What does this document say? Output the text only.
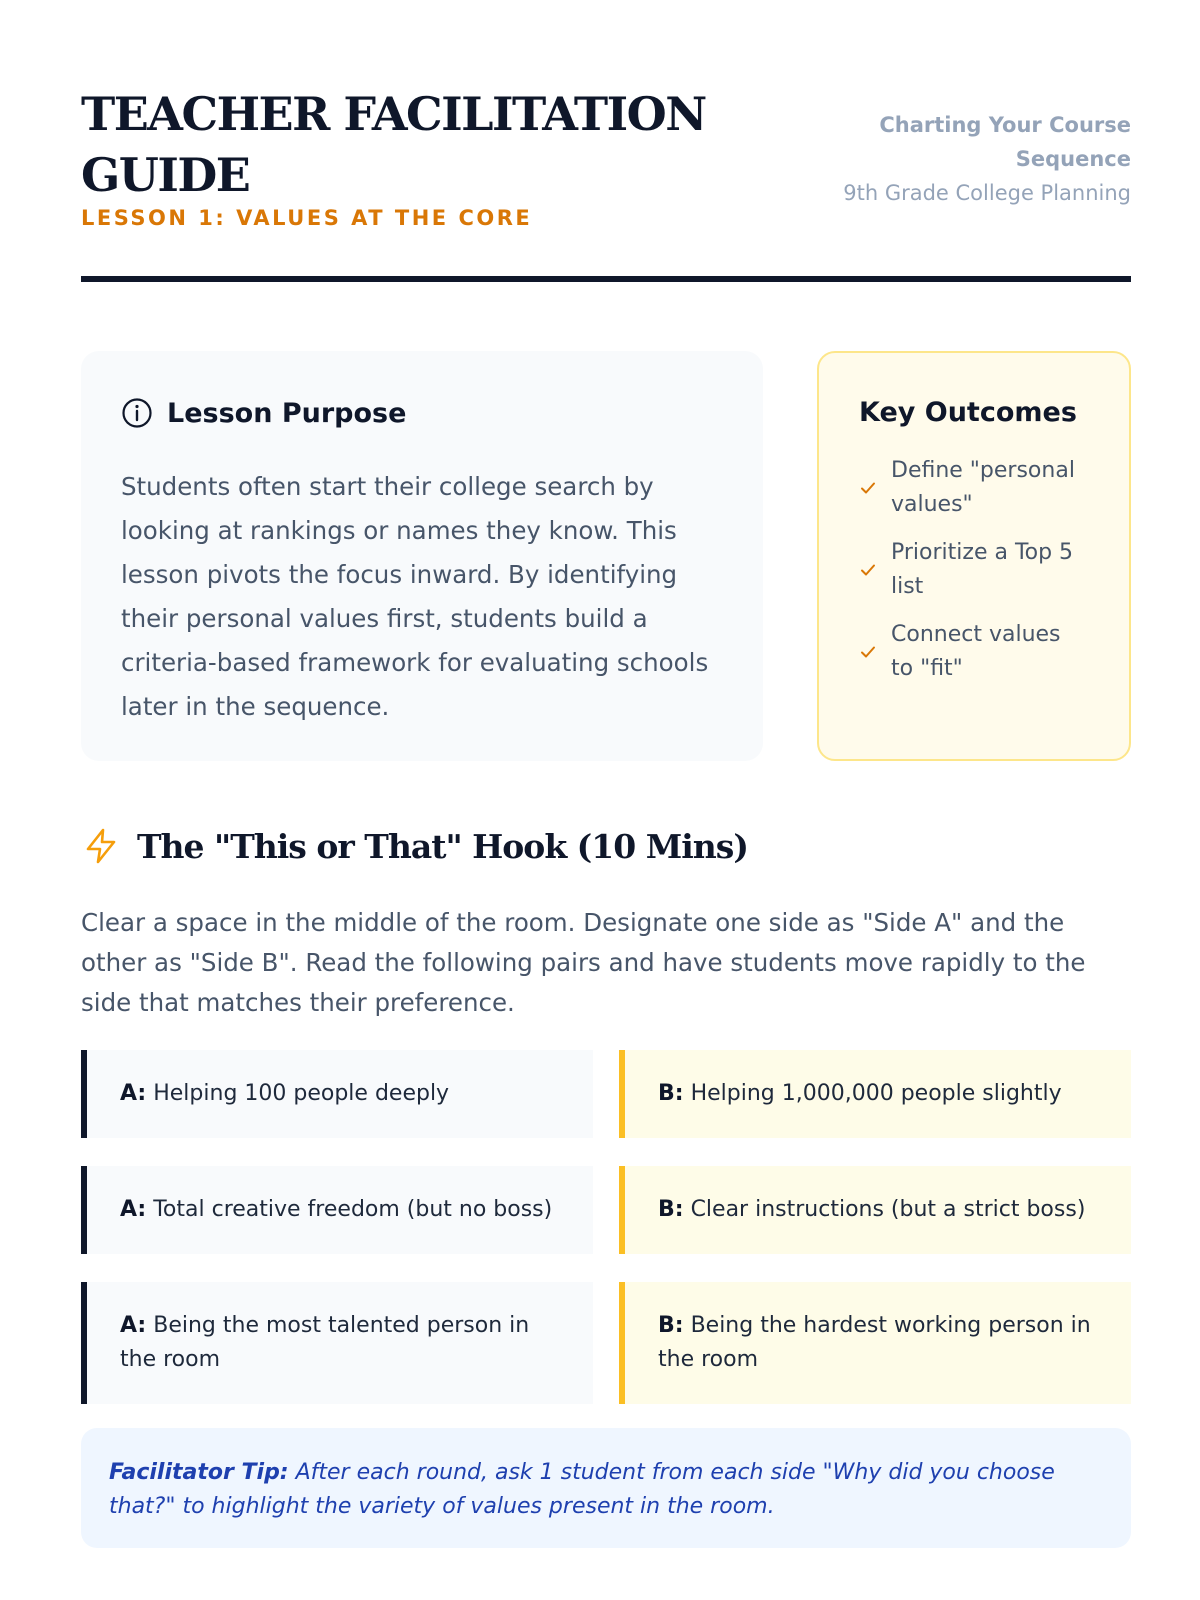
TEACHER FACILITATION GUIDE
LESSON 1: VALUES AT THE CORE
Charting Your Course Sequence
9th Grade College Planning
Lesson Purpose

Students often start their college search by looking at rankings or names they know. This lesson pivots the focus inward. By identifying their personal values first, students build a criteria-based framework for evaluating schools later in the sequence.

Key Outcomes
Define "personal values"
Prioritize a Top 5 list
Connect values to "fit"
The "This or That" Hook (10 Mins)

Clear a space in the middle of the room. Designate one side as "Side A" and the other as "Side B". Read the following pairs and have students move rapidly to the side that matches their preference.

A: Helping 100 people deeply	B: Helping 1,000,000 people slightly
A: Total creative freedom (but no boss)	B: Clear instructions (but a strict boss)
A: Being the most talented person in the room
B: Being the hardest working person in the room
Facilitator Tip: After each round, ask 1 student from each side "Why did you choose that?" to highlight the variety of values present in the room.
